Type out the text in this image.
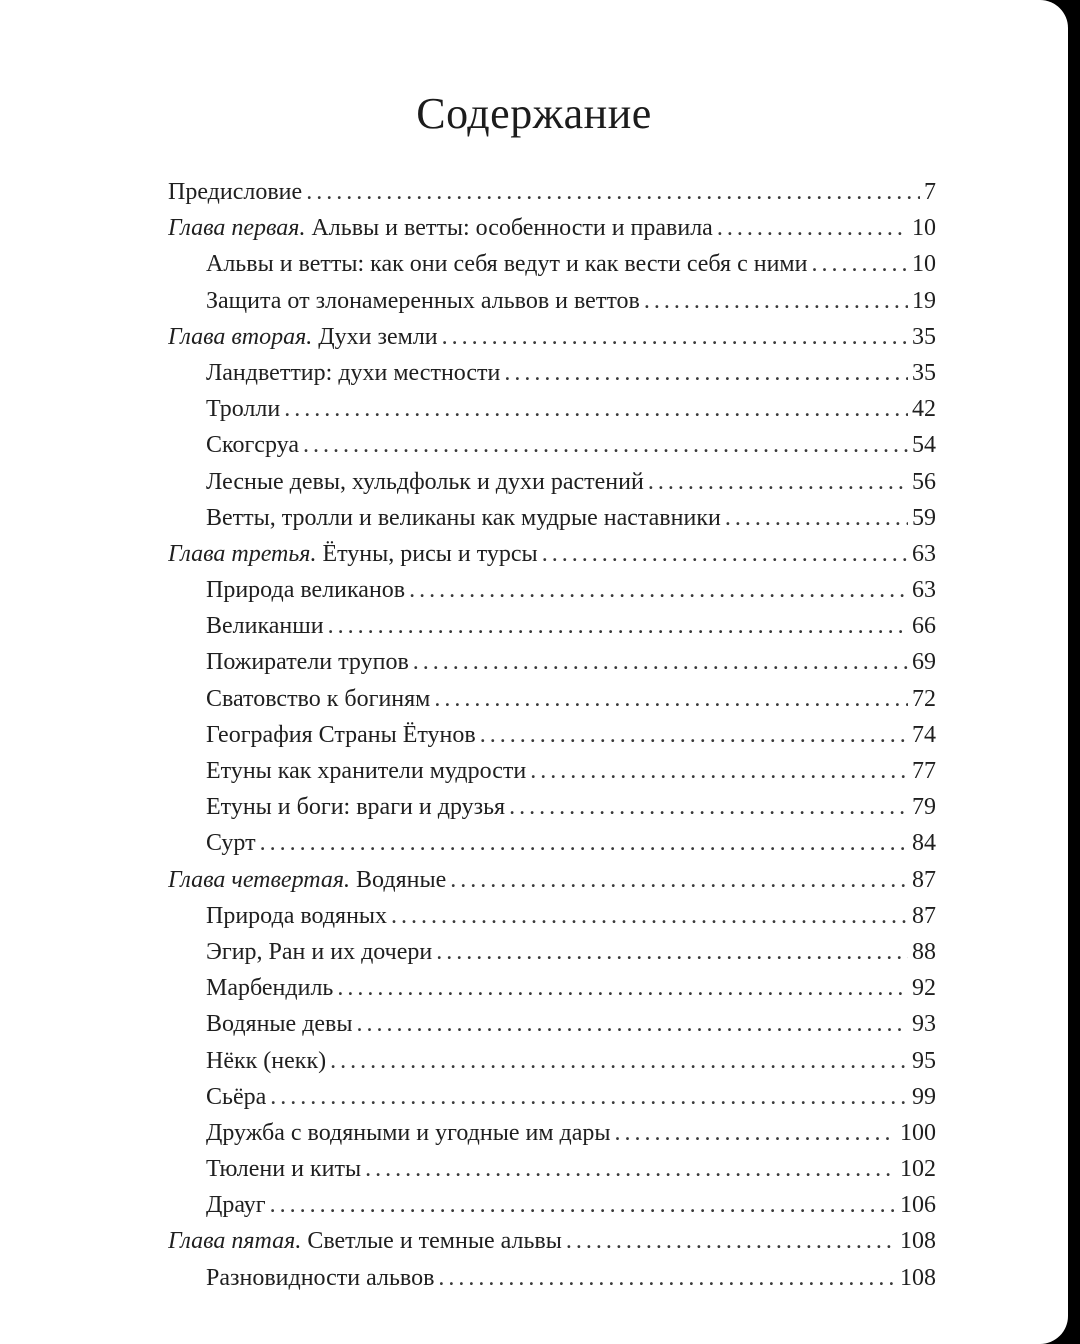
Содержание
Предисловие . . .	7
Глава первая. Альвы и ветты: особенности и правила . . .	10
Альвы и ветты: как они себя ведут и как вести себя с ними . . .	10
Защита от злонамеренных альвов и веттов . . .	19
Глава вторая. Духи земли . . .	35
Ландветтир: духи местности . . .	35
Тролли . . .	42
Скогсруа . . .	54
Лесные девы, хульдфольк и духи растений . . .	56
Ветты, тролли и великаны как мудрые наставники . . .	59
Глава третья. Ётуны, рисы и турсы . . .	63
Природа великанов . . .	63
Великанши . . .	66
Пожиратели трупов . . .	69
Сватовство к богиням . . .	72
География Страны Ётунов . . .	74
Етуны как хранители мудрости . . .	77
Етуны и боги: враги и друзья . . .	79
Сурт . . .	84
Глава четвертая. Водяные . . .	87
Природа водяных . . .	87
Эгир, Ран и их дочери . . .	88
Марбендиль . . .	92
Водяные девы . . .	93
Нёкк (некк) . . .	95
Сьёра . . .	99
Дружба с водяными и угодные им дары . . .	100
Тюлени и киты . . .	102
Драуг . . .	106
Глава пятая. Светлые и темные альвы . . .	108
Разновидности альвов . . .	108
